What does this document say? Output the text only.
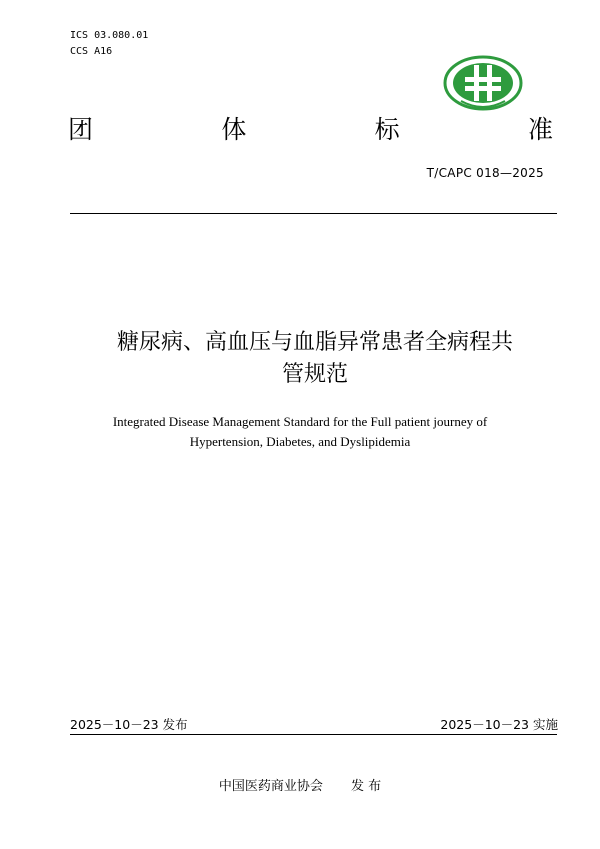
ICS 03.080.01
CCS A16
团	体	标	准
T/CAPC 018—2025
糖尿病、高血压与血脂异常患者全病程共
管规范
Integrated Disease Management Standard for the Full patient journey of
Hypertension, Diabetes, and Dyslipidemia
2025－10－23 发布	2025－10－23 实施
中国医药商业协会 发 布
